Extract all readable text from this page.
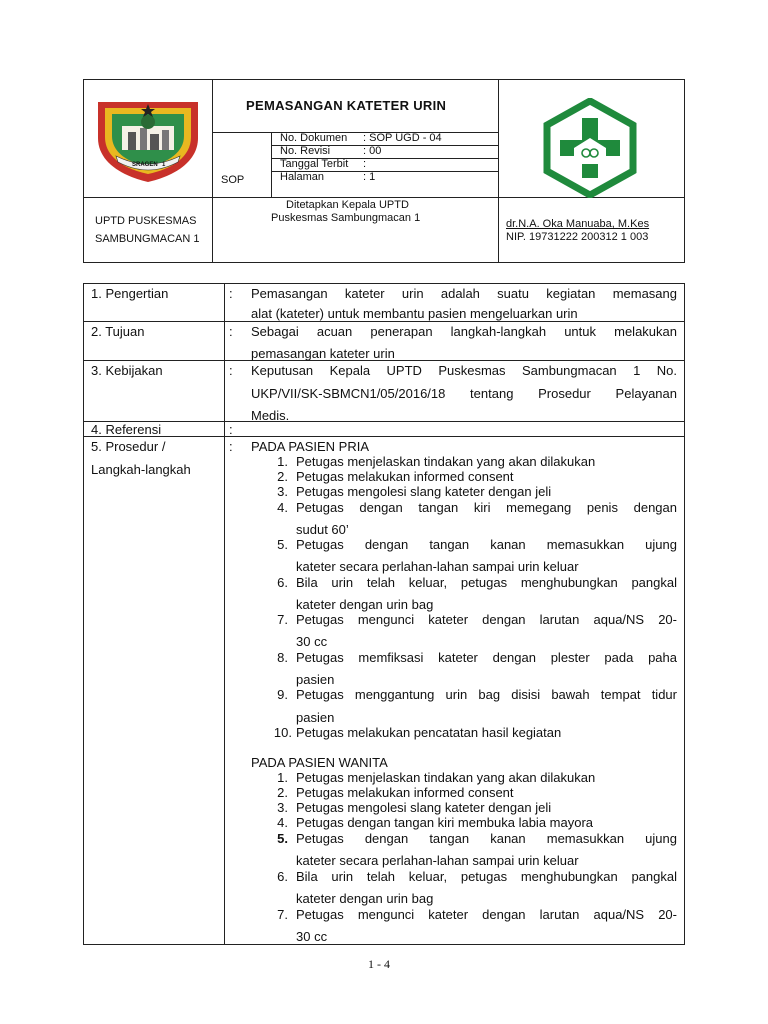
SRAGEN 1
PEMASANGAN KATETER URIN
SOP
No. Dokumen : SOP UGD - 04
No. Revisi	: 00
Tanggal Terbit :
Halaman	: 1
UPTD PUSKESMAS
SAMBUNGMACAN 1
Ditetapkan Kepala UPTD
Puskesmas Sambungmacan 1	dr.N.A. Oka Manuaba, M.Kes
NIP. 19731222 200312 1 003
1. Pengertian	: Pemasangan kateter urin adalah suatu kegiatan memasang
alat (kateter) untuk membantu pasien mengeluarkan urin
2. Tujuan	: Sebagai acuan penerapan langkah-langkah untuk melakukan
pemasangan kateter urin
3. Kebijakan	: Keputusan Kepala UPTD Puskesmas Sambungmacan 1 No.
UKP/VII/SK-SBMCN1/05/2016/18 tentang Prosedur Pelayanan
Medis.
4. Referensi	:
5. Prosedur /
Langkah-langkah
: PADA PASIEN PRIA
1. Petugas menjelaskan tindakan yang akan dilakukan
2. Petugas melakukan informed consent
3. Petugas mengolesi slang kateter dengan jeli
4. Petugas dengan tangan kiri memegang penis dengan
sudut 60’
5. Petugas dengan tangan kanan memasukkan ujung
kateter secara perlahan-lahan sampai urin keluar
6. Bila urin telah keluar, petugas menghubungkan pangkal
kateter dengan urin bag
7. Petugas mengunci kateter dengan larutan aqua/NS 20-
30 cc
8. Petugas memfiksasi kateter dengan plester pada paha
pasien
9. Petugas menggantung urin bag disisi bawah tempat tidur
pasien
10. Petugas melakukan pencatatan hasil kegiatan
PADA PASIEN WANITA
1. Petugas menjelaskan tindakan yang akan dilakukan
2. Petugas melakukan informed consent
3. Petugas mengolesi slang kateter dengan jeli
4. Petugas dengan tangan kiri membuka labia mayora
5. Petugas dengan tangan kanan memasukkan ujung
kateter secara perlahan-lahan sampai urin keluar
6. Bila urin telah keluar, petugas menghubungkan pangkal
kateter dengan urin bag
7. Petugas mengunci kateter dengan larutan aqua/NS 20-
30 cc
1 - 4
